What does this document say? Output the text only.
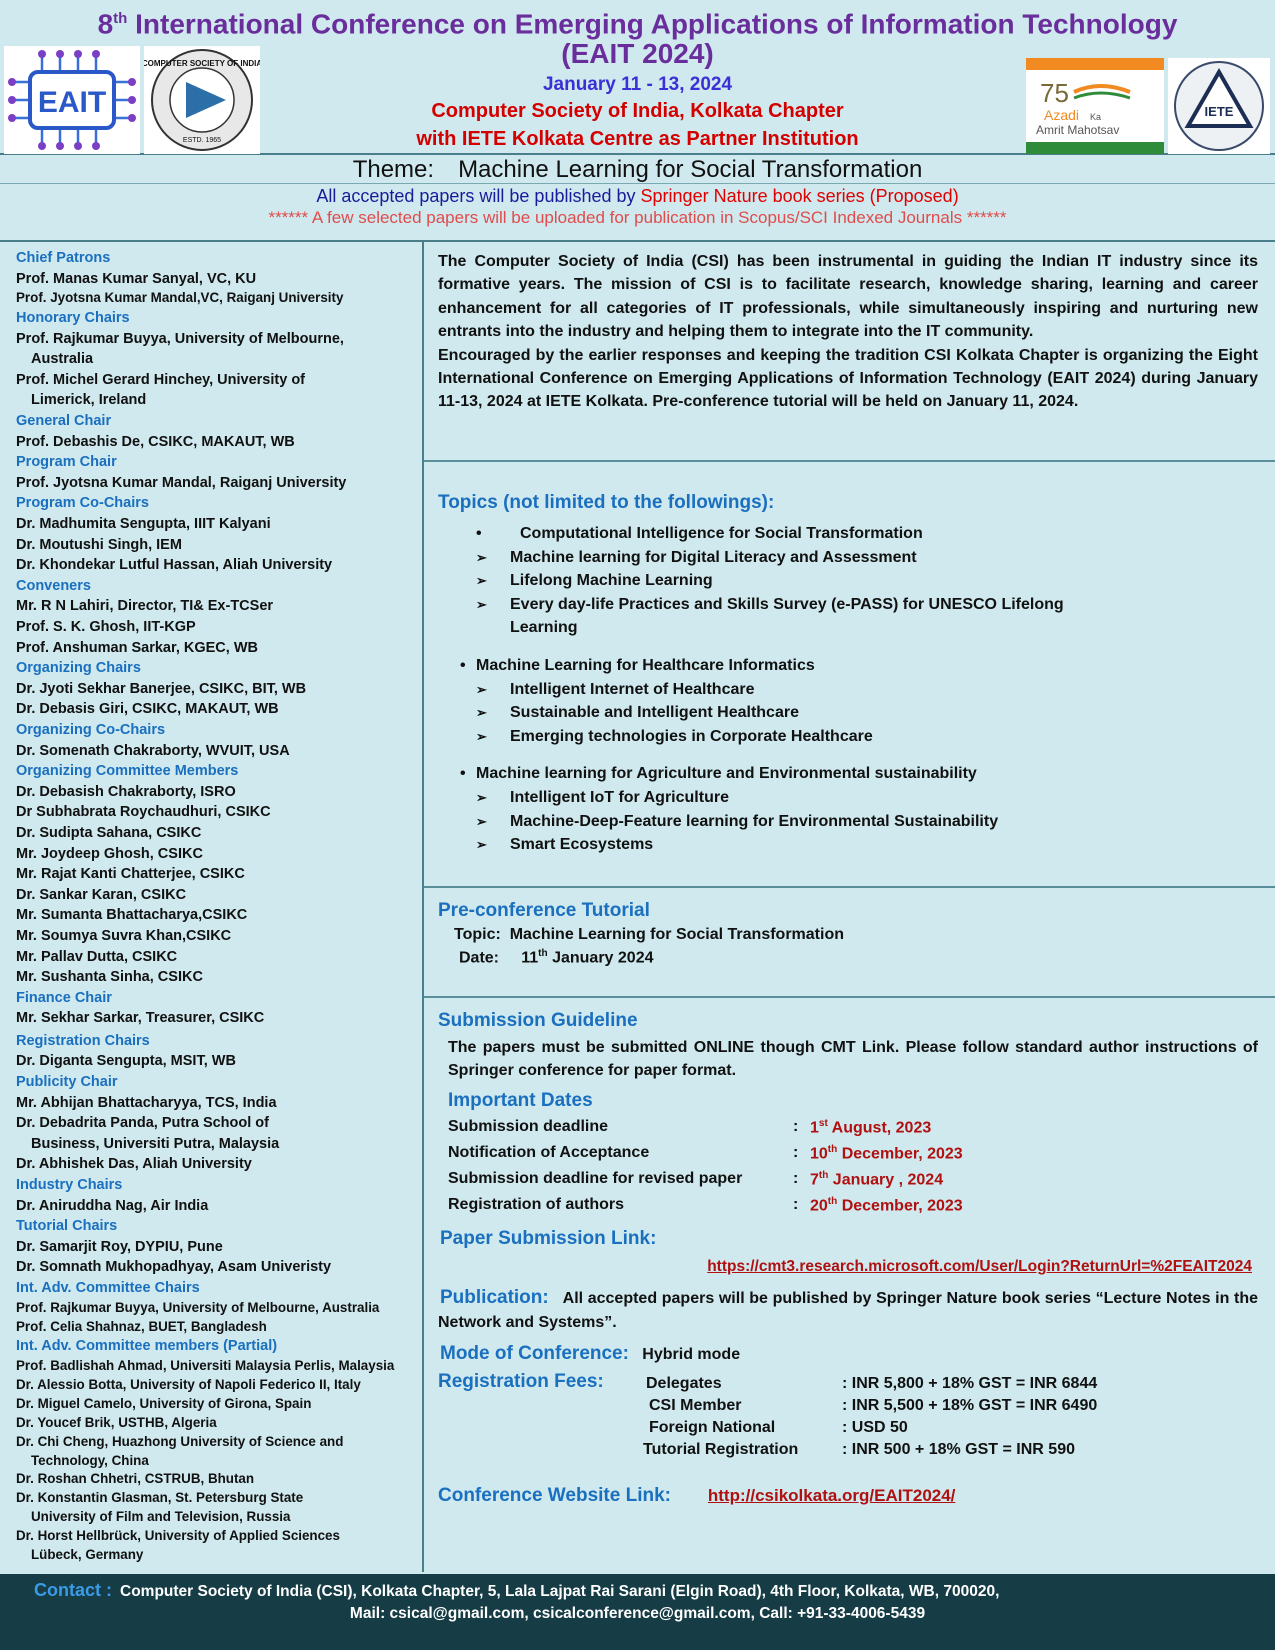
8th International Conference on Emerging Applications of Information Technology
(EAIT 2024)
January 11 - 13, 2024
Computer Society of India, Kolkata Chapter
with IETE Kolkata Centre as Partner Institution
EAIT
COMPUTER SOCIETY OF INDIA
ESTD. 1965
75
Azadi Ka
Amrit Mahotsav
IETE
Theme: Machine Learning for Social Transformation
All accepted papers will be published by Springer Nature book series (Proposed)
****** A few selected papers will be uploaded for publication in Scopus/SCI Indexed Journals ******
Chief Patrons
Prof. Manas Kumar Sanyal, VC, KU
Prof. Jyotsna Kumar Mandal,VC, Raiganj University
Honorary Chairs
Prof. Rajkumar Buyya, University of Melbourne,
Australia
Prof. Michel Gerard Hinchey, University of
Limerick, Ireland
General Chair
Prof. Debashis De, CSIKC, MAKAUT, WB
Program Chair
Prof. Jyotsna Kumar Mandal, Raiganj University
Program Co-Chairs
Dr. Madhumita Sengupta, IIIT Kalyani
Dr. Moutushi Singh, IEM
Dr. Khondekar Lutful Hassan, Aliah University
Conveners
Mr. R N Lahiri, Director, TI& Ex-TCSer
Prof. S. K. Ghosh, IIT-KGP
Prof. Anshuman Sarkar, KGEC, WB
Organizing Chairs
Dr. Jyoti Sekhar Banerjee, CSIKC, BIT, WB
Dr. Debasis Giri, CSIKC, MAKAUT, WB
Organizing Co-Chairs
Dr. Somenath Chakraborty, WVUIT, USA
Organizing Committee Members
Dr. Debasish Chakraborty, ISRO
Dr Subhabrata Roychaudhuri, CSIKC
Dr. Sudipta Sahana, CSIKC
Mr. Joydeep Ghosh, CSIKC
Mr. Rajat Kanti Chatterjee, CSIKC
Dr. Sankar Karan, CSIKC
Mr. Sumanta Bhattacharya,CSIKC
Mr. Soumya Suvra Khan,CSIKC
Mr. Pallav Dutta, CSIKC
Mr. Sushanta Sinha, CSIKC
Finance Chair
Mr. Sekhar Sarkar, Treasurer, CSIKC
Registration Chairs
Dr. Diganta Sengupta, MSIT, WB
Publicity Chair
Mr. Abhijan Bhattacharyya, TCS, India
Dr. Debadrita Panda, Putra School of
Business, Universiti Putra, Malaysia
Dr. Abhishek Das, Aliah University
Industry Chairs
Dr. Aniruddha Nag, Air India
Tutorial Chairs
Dr. Samarjit Roy, DYPIU, Pune
Dr. Somnath Mukhopadhyay, Asam Univeristy
Int. Adv. Committee Chairs
Prof. Rajkumar Buyya, University of Melbourne, Australia
Prof. Celia Shahnaz, BUET, Bangladesh
Int. Adv. Committee members (Partial)
Prof. Badlishah Ahmad, Universiti Malaysia Perlis, Malaysia
Dr. Alessio Botta, University of Napoli Federico II, Italy
Dr. Miguel Camelo, University of Girona, Spain
Dr. Youcef Brik, USTHB, Algeria
Dr. Chi Cheng, Huazhong University of Science and
Technology, China
Dr. Roshan Chhetri, CSTRUB, Bhutan
Dr. Konstantin Glasman, St. Petersburg State
University of Film and Television, Russia
Dr. Horst Hellbrück, University of Applied Sciences
Lübeck, Germany

The Computer Society of India (CSI) has been instrumental in guiding the Indian IT industry since its formative years. The mission of CSI is to facilitate research, knowledge sharing, learning and career enhancement for all categories of IT professionals, while simultaneously inspiring and nurturing new entrants into the industry and helping them to integrate into the IT community.

Encouraged by the earlier responses and keeping the tradition CSI Kolkata Chapter is organizing the Eight International Conference on Emerging Applications of Information Technology (EAIT 2024) during January 11-13, 2024 at IETE Kolkata. Pre-conference tutorial will be held on January 11, 2024.

Topics (not limited to the followings):
• Computational Intelligence for Social Transformation
➢ Machine learning for Digital Literacy and Assessment
➢ Lifelong Machine Learning
➢ Every day-life Practices and Skills Survey (e-PASS) for UNESCO Lifelong
Learning
• Machine Learning for Healthcare Informatics
➢ Intelligent Internet of Healthcare
➢ Sustainable and Intelligent Healthcare
➢ Emerging technologies in Corporate Healthcare
• Machine learning for Agriculture and Environmental sustainability
➢ Intelligent IoT for Agriculture
➢ Machine-Deep-Feature learning for Environmental Sustainability
➢ Smart Ecosystems
Pre-conference Tutorial
Topic: Machine Learning for Social Transformation
Date: 11th January 2024
Submission Guideline
The papers must be submitted ONLINE though CMT Link. Please follow standard author instructions of Springer conference for paper format.
Important Dates
Submission deadline	: 1st August, 2023
Notification of Acceptance	: 10th December, 2023
Submission deadline for revised paper	: 7th January , 2024
Registration of authors	: 20th December, 2023
Paper Submission Link:
https://cmt3.research.microsoft.com/User/Login?ReturnUrl=%2FEAIT2024
Publication: All accepted papers will be published by Springer Nature book series “Lecture Notes in the Network and Systems”.
Mode of Conference: Hybrid mode
Registration Fees:	Delegates	: INR 5,800 + 18% GST = INR 6844
CSI Member	: INR 5,500 + 18% GST = INR 6490
Foreign National	: USD 50
Tutorial Registration	: INR 500 + 18% GST = INR 590
Conference Website Link: http://csikolkata.org/EAIT2024/
Contact : Computer Society of India (CSI), Kolkata Chapter, 5, Lala Lajpat Rai Sarani (Elgin Road), 4th Floor, Kolkata, WB, 700020,
Mail: csical@gmail.com, csicalconference@gmail.com, Call: +91-33-4006-5439
